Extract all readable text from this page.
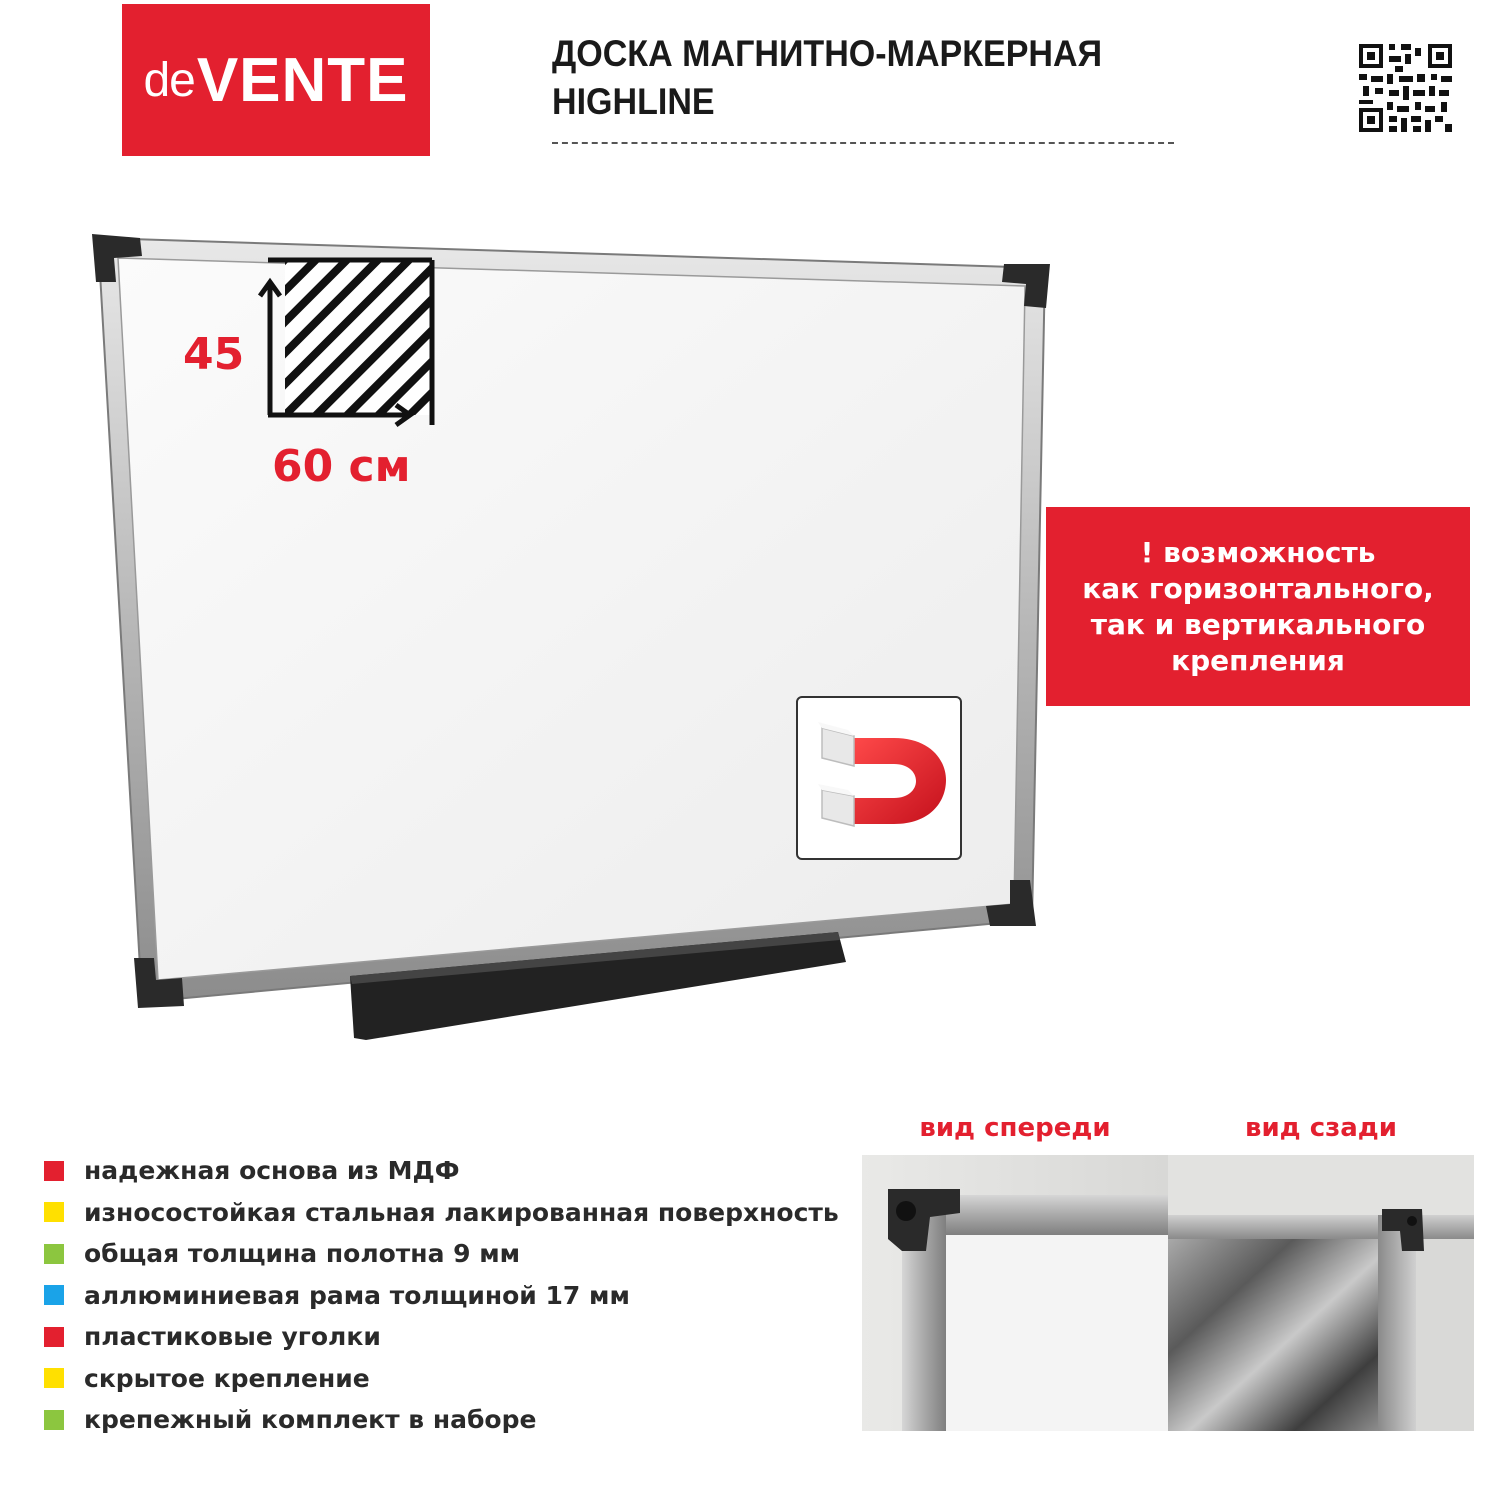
de VENTE	ДОСКА МАГНИТНО-МАРКЕРНАЯ
HIGHLINE
45
60 см
! возможность
как горизонтального,
так и вертикального
крепления
надежная основа из МДФ
износостойкая стальная лакированная поверхность
общая толщина полотна 9 мм
аллюминиевая рама толщиной 17 мм
пластиковые уголки
скрытое крепление
крепежный комплект в наборе
вид спереди	вид сзади
